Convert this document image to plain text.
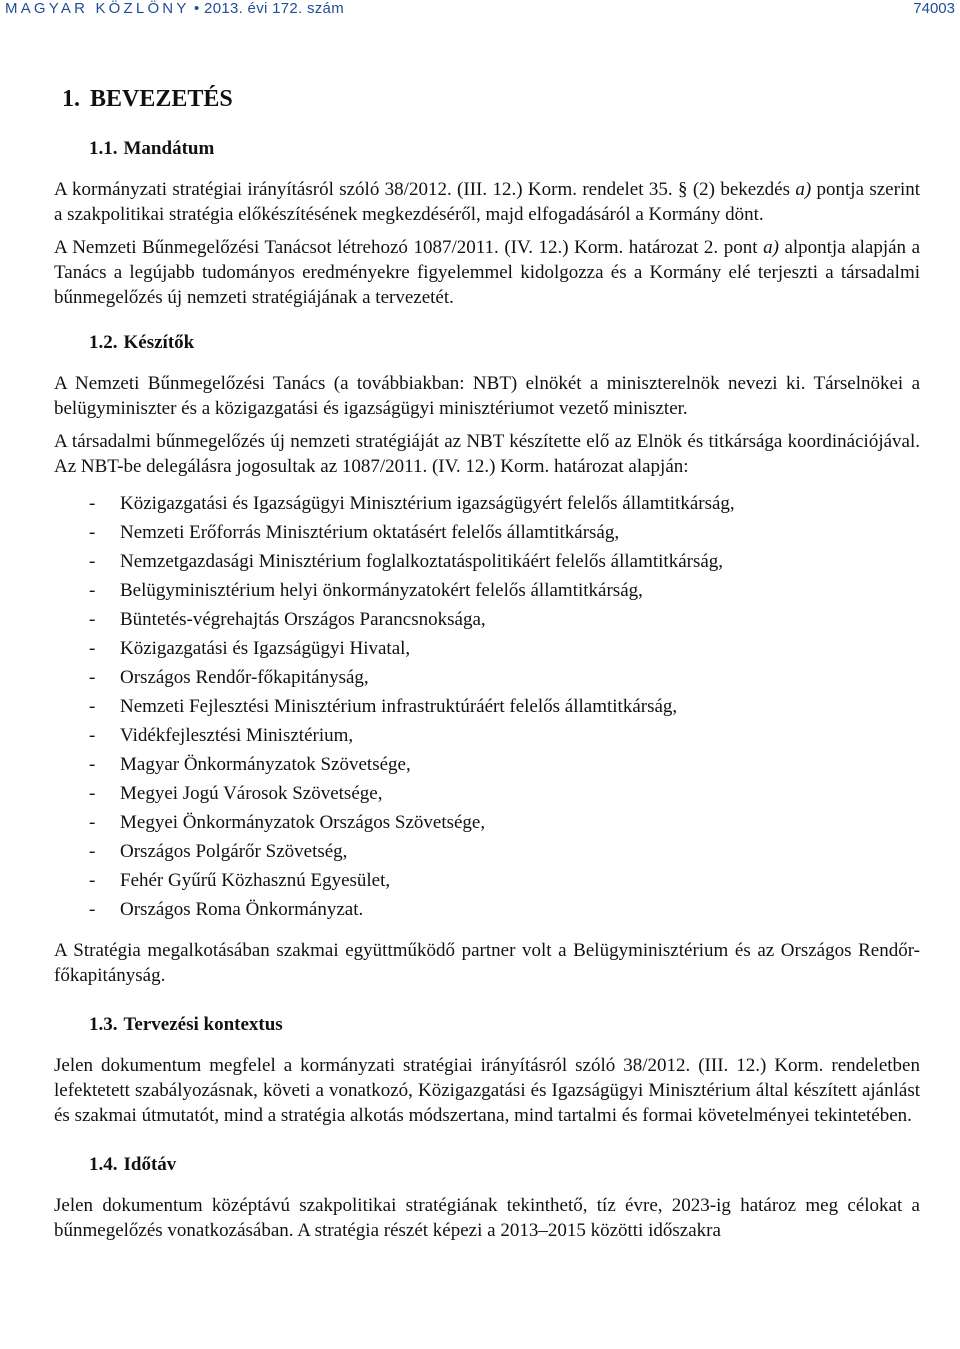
MAGYAR KÖZLÖNY • 2013. évi 172. szám	74003
1. BEVEZETÉS
1.1. Mandátum

A kormányzati stratégiai irányításról szóló 38/2012. (III. 12.) Korm. rendelet 35. § (2) bekezdés a) pontja szerint a szakpolitikai stratégia előkészítésének megkezdéséről, majd elfogadásáról a Kormány dönt.

A Nemzeti Bűnmegelőzési Tanácsot létrehozó 1087/2011. (IV. 12.) Korm. határozat 2. pont a) alpontja alapján a Tanács a legújabb tudományos eredményekre figyelemmel kidolgozza és a Kormány elé terjeszti a társadalmi bűnmegelőzés új nemzeti stratégiájának a tervezetét.

1.2. Készítők

A Nemzeti Bűnmegelőzési Tanács (a továbbiakban: NBT) elnökét a miniszterelnök nevezi ki. Társelnökei a belügyminiszter és a közigazgatási és igazságügyi minisztériumot vezető miniszter.

A társadalmi bűnmegelőzés új nemzeti stratégiáját az NBT készítette elő az Elnök és titkársága koordinációjával. Az NBT-be delegálásra jogosultak az 1087/2011. (IV. 12.) Korm. határozat alapján:

- Közigazgatási és Igazságügyi Minisztérium igazságügyért felelős államtitkárság,
- Nemzeti Erőforrás Minisztérium oktatásért felelős államtitkárság,
- Nemzetgazdasági Minisztérium foglalkoztatáspolitikáért felelős államtitkárság,
- Belügyminisztérium helyi önkormányzatokért felelős államtitkárság,
- Büntetés-végrehajtás Országos Parancsnoksága,
- Közigazgatási és Igazságügyi Hivatal,
- Országos Rendőr-főkapitányság,
- Nemzeti Fejlesztési Minisztérium infrastruktúráért felelős államtitkárság,
- Vidékfejlesztési Minisztérium,
- Magyar Önkormányzatok Szövetsége,
- Megyei Jogú Városok Szövetsége,
- Megyei Önkormányzatok Országos Szövetsége,
- Országos Polgárőr Szövetség,
- Fehér Gyűrű Közhasznú Egyesület,
- Országos Roma Önkormányzat.

A Stratégia megalkotásában szakmai együttműködő partner volt a Belügyminisztérium és az Országos Rendőr-főkapitányság.

1.3. Tervezési kontextus

Jelen dokumentum megfelel a kormányzati stratégiai irányításról szóló 38/2012. (III. 12.) Korm. rendeletben lefektetett szabályozásnak, követi a vonatkozó, Közigazgatási és Igazságügyi Minisztérium által készített ajánlást és szakmai útmutatót, mind a stratégia alkotás módszertana, mind tartalmi és formai követelményei tekintetében.

1.4. Időtáv

Jelen dokumentum középtávú szakpolitikai stratégiának tekinthető, tíz évre, 2023-ig határoz meg célokat a bűnmegelőzés vonatkozásában. A stratégia részét képezi a 2013–2015 közötti időszakra
